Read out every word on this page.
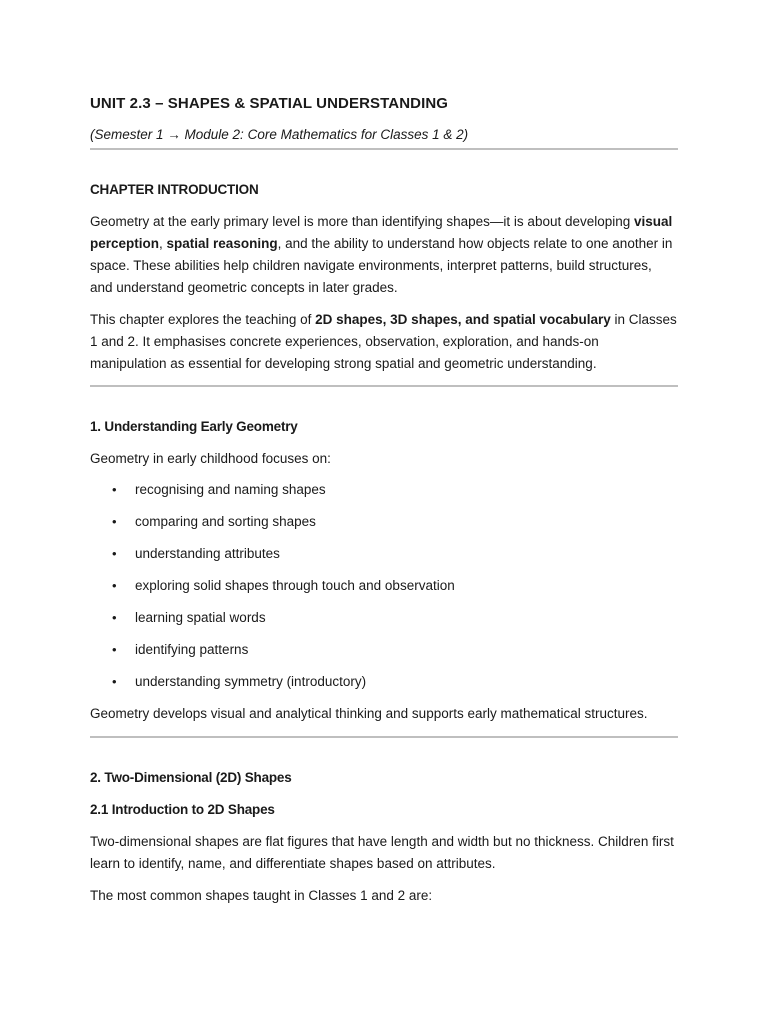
UNIT 2.3 – SHAPES & SPATIAL UNDERSTANDING

(Semester 1 → Module 2: Core Mathematics for Classes 1 & 2)

CHAPTER INTRODUCTION

Geometry at the early primary level is more than identifying shapes—it is about developing visual perception, spatial reasoning, and the ability to understand how objects relate to one another in space. These abilities help children navigate environments, interpret patterns, build structures, and understand geometric concepts in later grades.

This chapter explores the teaching of 2D shapes, 3D shapes, and spatial vocabulary in Classes 1 and 2. It emphasises concrete experiences, observation, exploration, and hands-on manipulation as essential for developing strong spatial and geometric understanding.

1. Understanding Early Geometry

Geometry in early childhood focuses on:

• recognising and naming shapes
• comparing and sorting shapes
• understanding attributes
• exploring solid shapes through touch and observation
• learning spatial words
• identifying patterns
• understanding symmetry (introductory)

Geometry develops visual and analytical thinking and supports early mathematical structures.

2. Two-Dimensional (2D) Shapes
2.1 Introduction to 2D Shapes

Two-dimensional shapes are flat figures that have length and width but no thickness. Children first learn to identify, name, and differentiate shapes based on attributes.

The most common shapes taught in Classes 1 and 2 are:
